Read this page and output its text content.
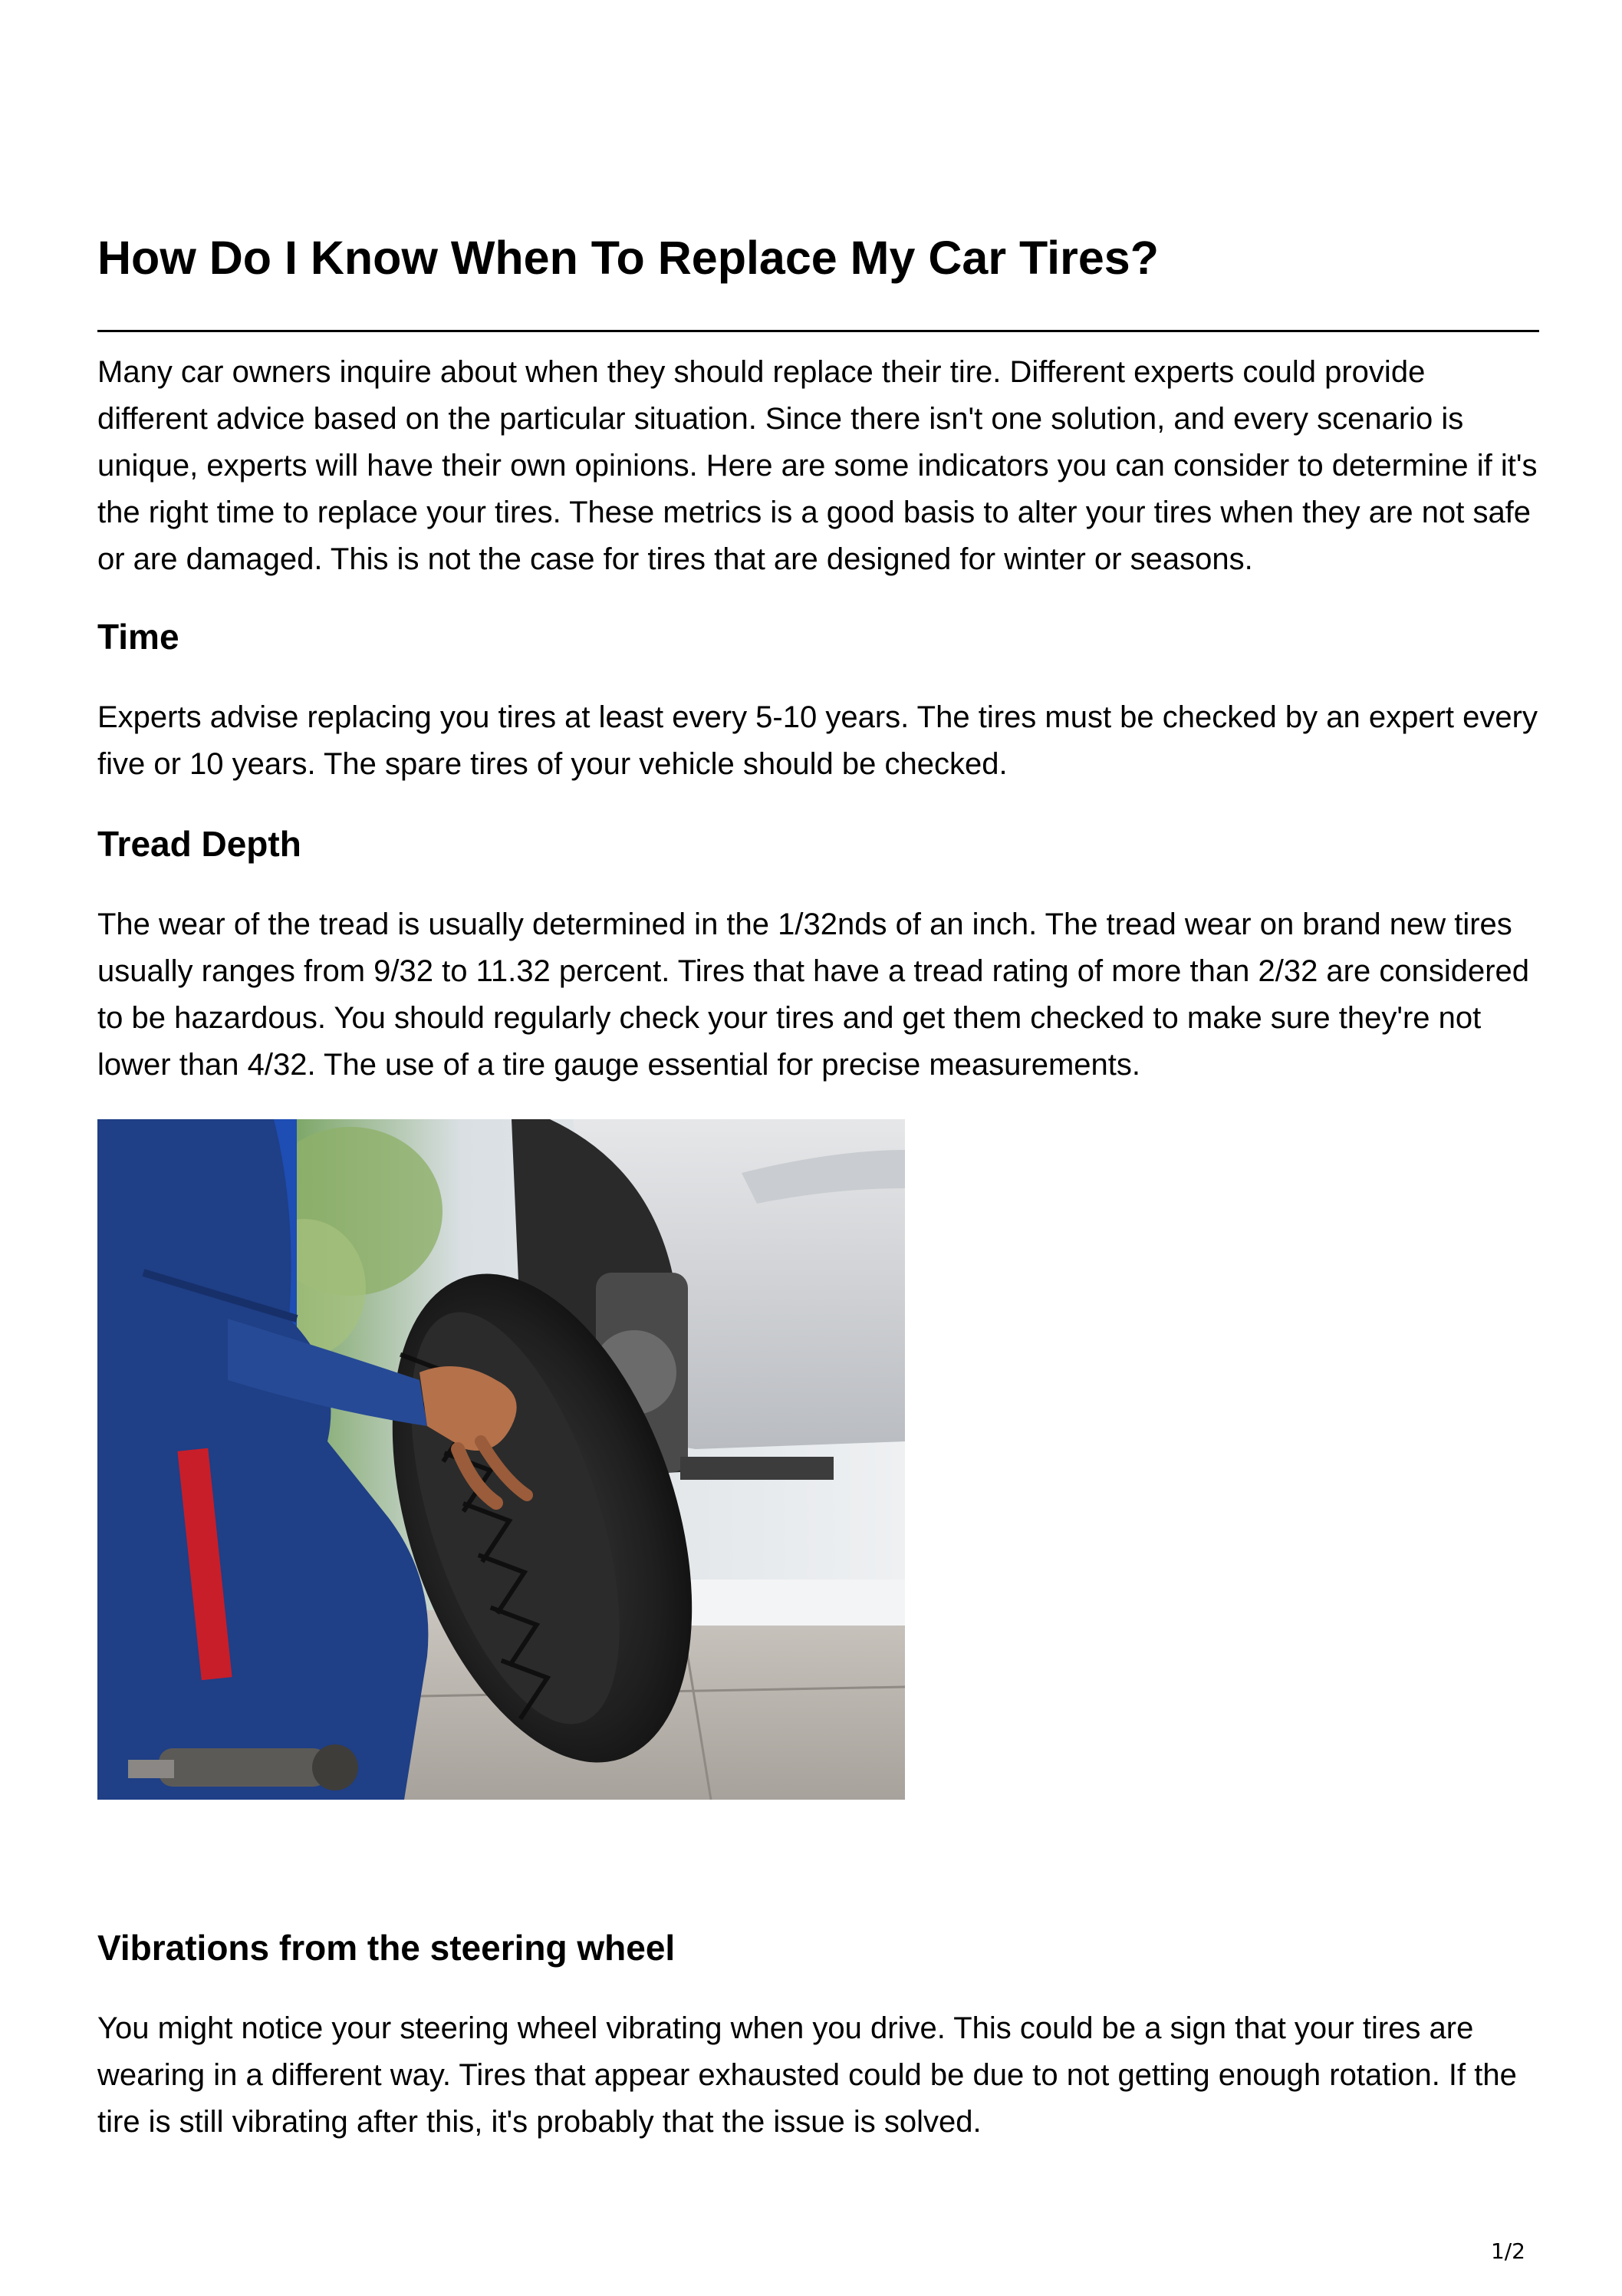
How Do I Know When To Replace My Car Tires?

Many car owners inquire about when they should replace their tire. Different experts could provide different advice based on the particular situation. Since there isn't one solution, and every scenario is unique, experts will have their own opinions. Here are some indicators you can consider to determine if it's the right time to replace your tires. These metrics is a good basis to alter your tires when they are not safe or are damaged. This is not the case for tires that are designed for winter or seasons.

Time

Experts advise replacing you tires at least every 5-10 years. The tires must be checked by an expert every five or 10 years. The spare tires of your vehicle should be checked.

Tread Depth

The wear of the tread is usually determined in the 1/32nds of an inch. The tread wear on brand new tires usually ranges from 9/32 to 11.32 percent. Tires that have a tread rating of more than 2/32 are considered to be hazardous. You should regularly check your tires and get them checked to make sure they're not lower than 4/32. The use of a tire gauge essential for precise measurements.

Vibrations from the steering wheel

You might notice your steering wheel vibrating when you drive. This could be a sign that your tires are wearing in a different way. Tires that appear exhausted could be due to not getting enough rotation. If the tire is still vibrating after this, it's probably that the issue is solved.

1/2
